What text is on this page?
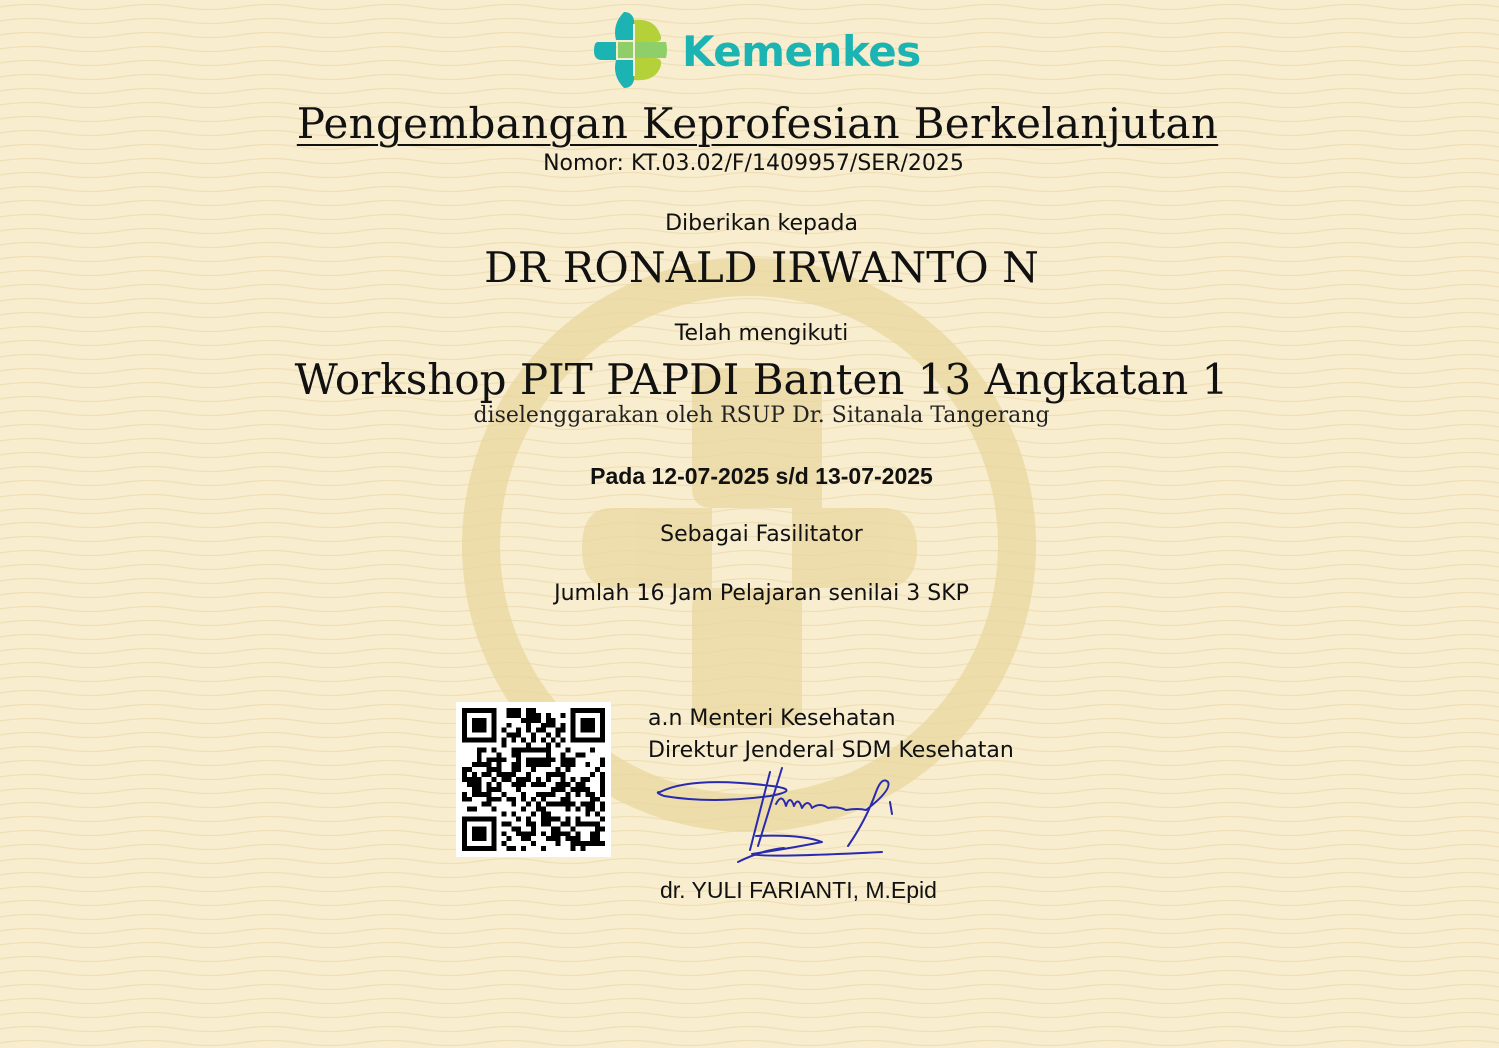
Kemenkes

Pengembangan Keprofesian Berkelanjutan

Nomor: KT.03.02/F/1409957/SER/2025

Diberikan kepada

DR RONALD IRWANTO N

Telah mengikuti

Workshop PIT PAPDI Banten 13 Angkatan 1

diselenggarakan oleh RSUP Dr. Sitanala Tangerang

Pada 12-07-2025 s/d 13-07-2025

Sebagai Fasilitator

Jumlah 16 Jam Pelajaran senilai 3 SKP

a.n Menteri Kesehatan

Direktur Jenderal SDM Kesehatan

dr. YULI FARIANTI, M.Epid
